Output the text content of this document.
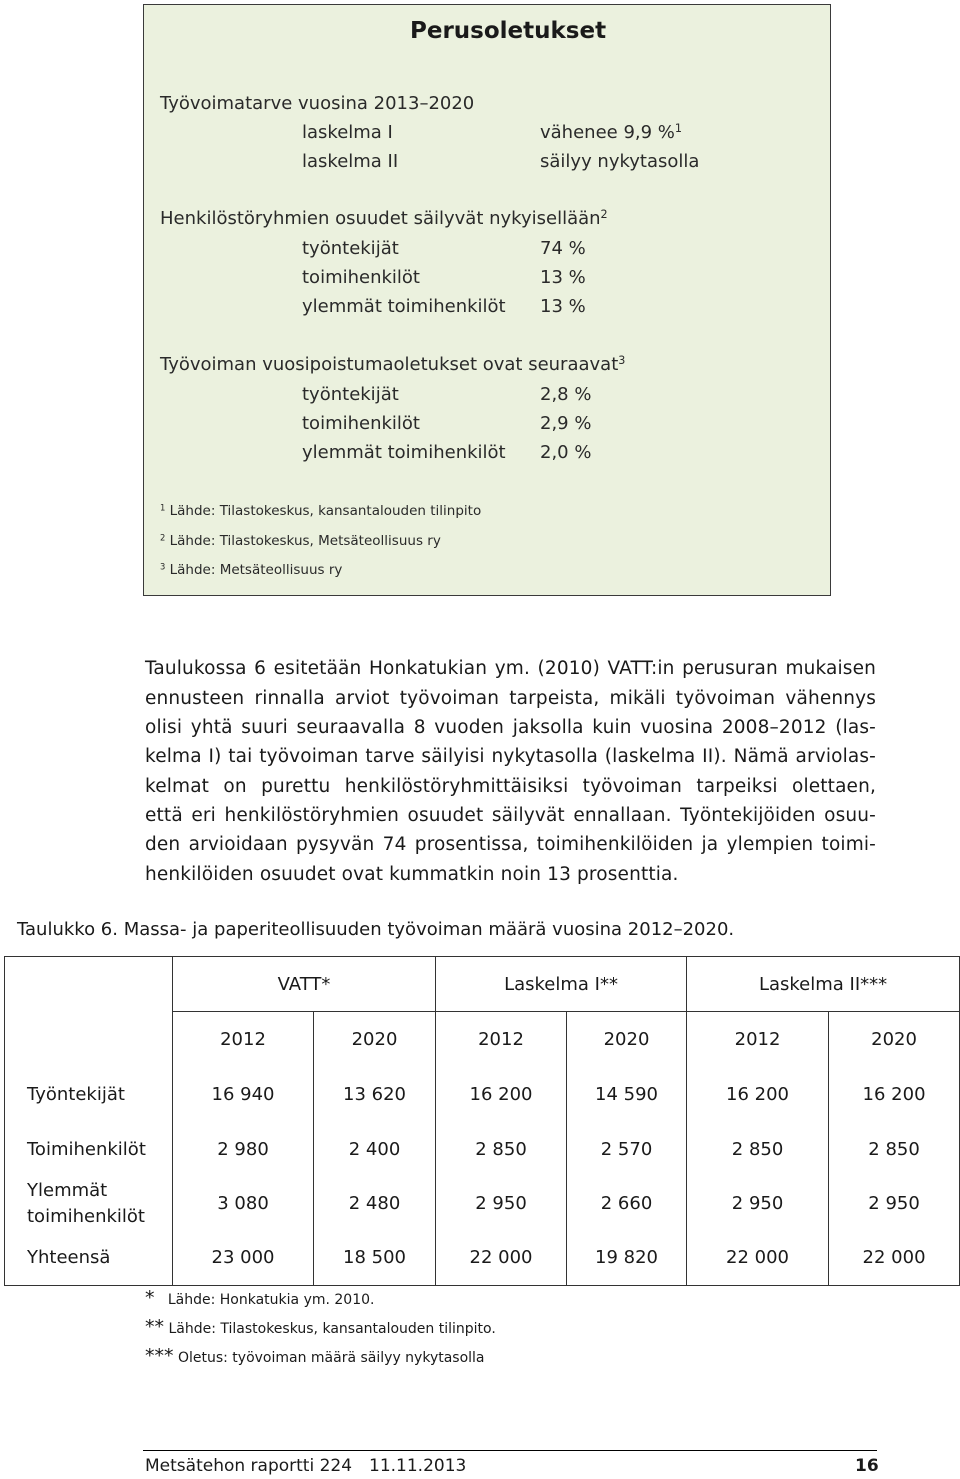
Perusoletukset
Työvoimatarve vuosina 2013–2020
laskelma I	vähenee 9,9 %$^1$
laskelma II	säilyy nykytasolla
Henkilöstöryhmien osuudet säilyvät nykyisellään$^2$
työntekijät	74 %
toimihenkilöt	13 %
ylemmät toimihenkilöt 13 %
Työvoiman vuosipoistumaoletukset ovat seuraavat$^3$
työntekijät	2,8 %
toimihenkilöt	2,9 %
ylemmät toimihenkilöt 2,0 %
$^1$ Lähde: Tilastokeskus, kansantalouden tilinpito
$^2$ Lähde: Tilastokeskus, Metsäteollisuus ry
$^3$ Lähde: Metsäteollisuus ry
Taulukossa 6 esitetään Honkatukian ym. (2010) VATT:in perusuran mukaisen
ennusteen rinnalla arviot työvoiman tarpeista, mikäli työvoiman vähennys
olisi yhtä suuri seuraavalla 8 vuoden jaksolla kuin vuosina 2008–2012 (las-
kelma I) tai työvoiman tarve säilyisi nykytasolla (laskelma II). Nämä arviolas-
kelmat on purettu henkilöstöryhmittäisiksi työvoiman tarpeiksi olettaen,
että eri henkilöstöryhmien osuudet säilyvät ennallaan. Työntekijöiden osuu-
den arvioidaan pysyvän 74 prosentissa, toimihenkilöiden ja ylempien toimi-
henkilöiden osuudet ovat kummatkin noin 13 prosenttia.
Taulukko 6. Massa- ja paperiteollisuuden työvoiman määrä vuosina 2012–2020.
	VATT*		Laskelma I**		Laskelma II***	
	2012	2020	2012	2020	2012	2020
Työntekijät	16 940	13 620	16 200	14 590	16 200	16 200
Toimihenkilöt	2 980	2 400	2 850	2 570	2 850	2 850
Ylemmät
toimihenkilöt	3 080	2 480	2 950	2 660	2 950	2 950
Yhteensä	23 000	18 500	22 000	19 820	22 000	22 000
* Lähde: Honkatukia ym. 2010.
** Lähde: Tilastokeskus, kansantalouden tilinpito.
*** Oletus: työvoiman määrä säilyy nykytasolla
Metsätehon raportti 224 11.11.2013	16
